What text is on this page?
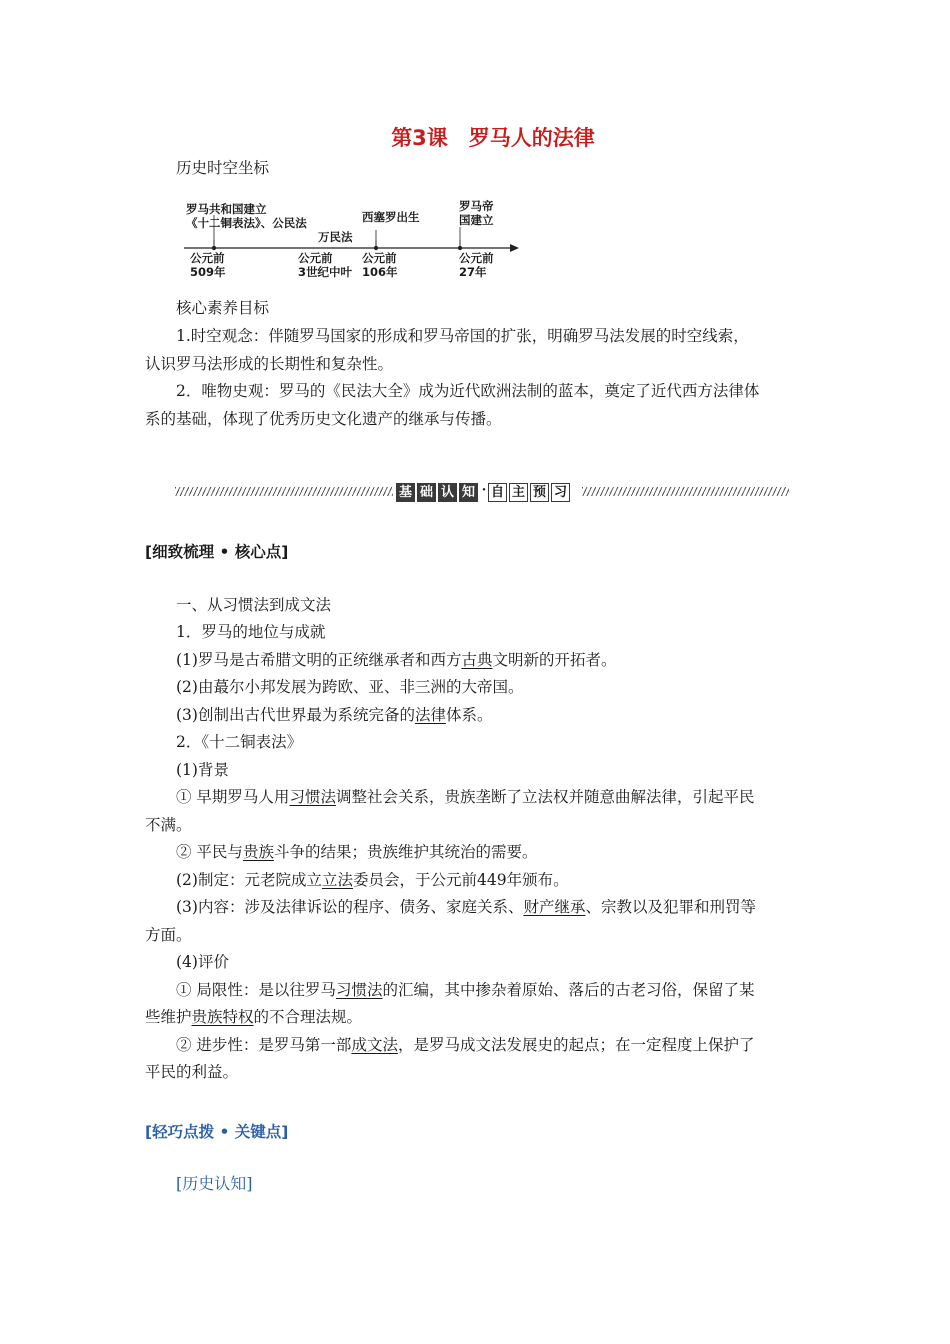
第3课　罗马人的法律
历史时空坐标
罗马共和国建立
《十二铜表法》、公民法
万民法
西塞罗出生
罗马帝
国建立
公元前
509年
公元前
3世纪中叶
公元前
106年
公元前
27年
核心素养目标
1.时空观念：伴随罗马国家的形成和罗马帝国的扩张，明确罗马法发展的时空线索，
认识罗马法形成的长期性和复杂性。
2．唯物史观：罗马的《民法大全》成为近代欧洲法制的蓝本，奠定了近代西方法律体
系的基础，体现了优秀历史文化遗产的继承与传播。
基 础 认 知 · 自 主 预 习
[细致梳理 • 核心点]
一、从习惯法到成文法
1．罗马的地位与成就
(1)罗马是古希腊文明的正统继承者和西方古典文明新的开拓者。
(2)由蕞尔小邦发展为跨欧、亚、非三洲的大帝国。
(3)创制出古代世界最为系统完备的法律体系。
2．《十二铜表法》
(1)背景
① 早期罗马人用习惯法调整社会关系，贵族垄断了立法权并随意曲解法律，引起平民
不满。
② 平民与贵族斗争的结果；贵族维护其统治的需要。
(2)制定：元老院成立立法委员会，于公元前449年颁布。
(3)内容：涉及法律诉讼的程序、债务、家庭关系、财产继承、宗教以及犯罪和刑罚等
方面。
(4)评价
① 局限性：是以往罗马习惯法的汇编，其中掺杂着原始、落后的古老习俗，保留了某
些维护贵族特权的不合理法规。
② 进步性：是罗马第一部成文法，是罗马成文法发展史的起点；在一定程度上保护了
平民的利益。
[轻巧点拨 • 关键点]
[历史认知]
